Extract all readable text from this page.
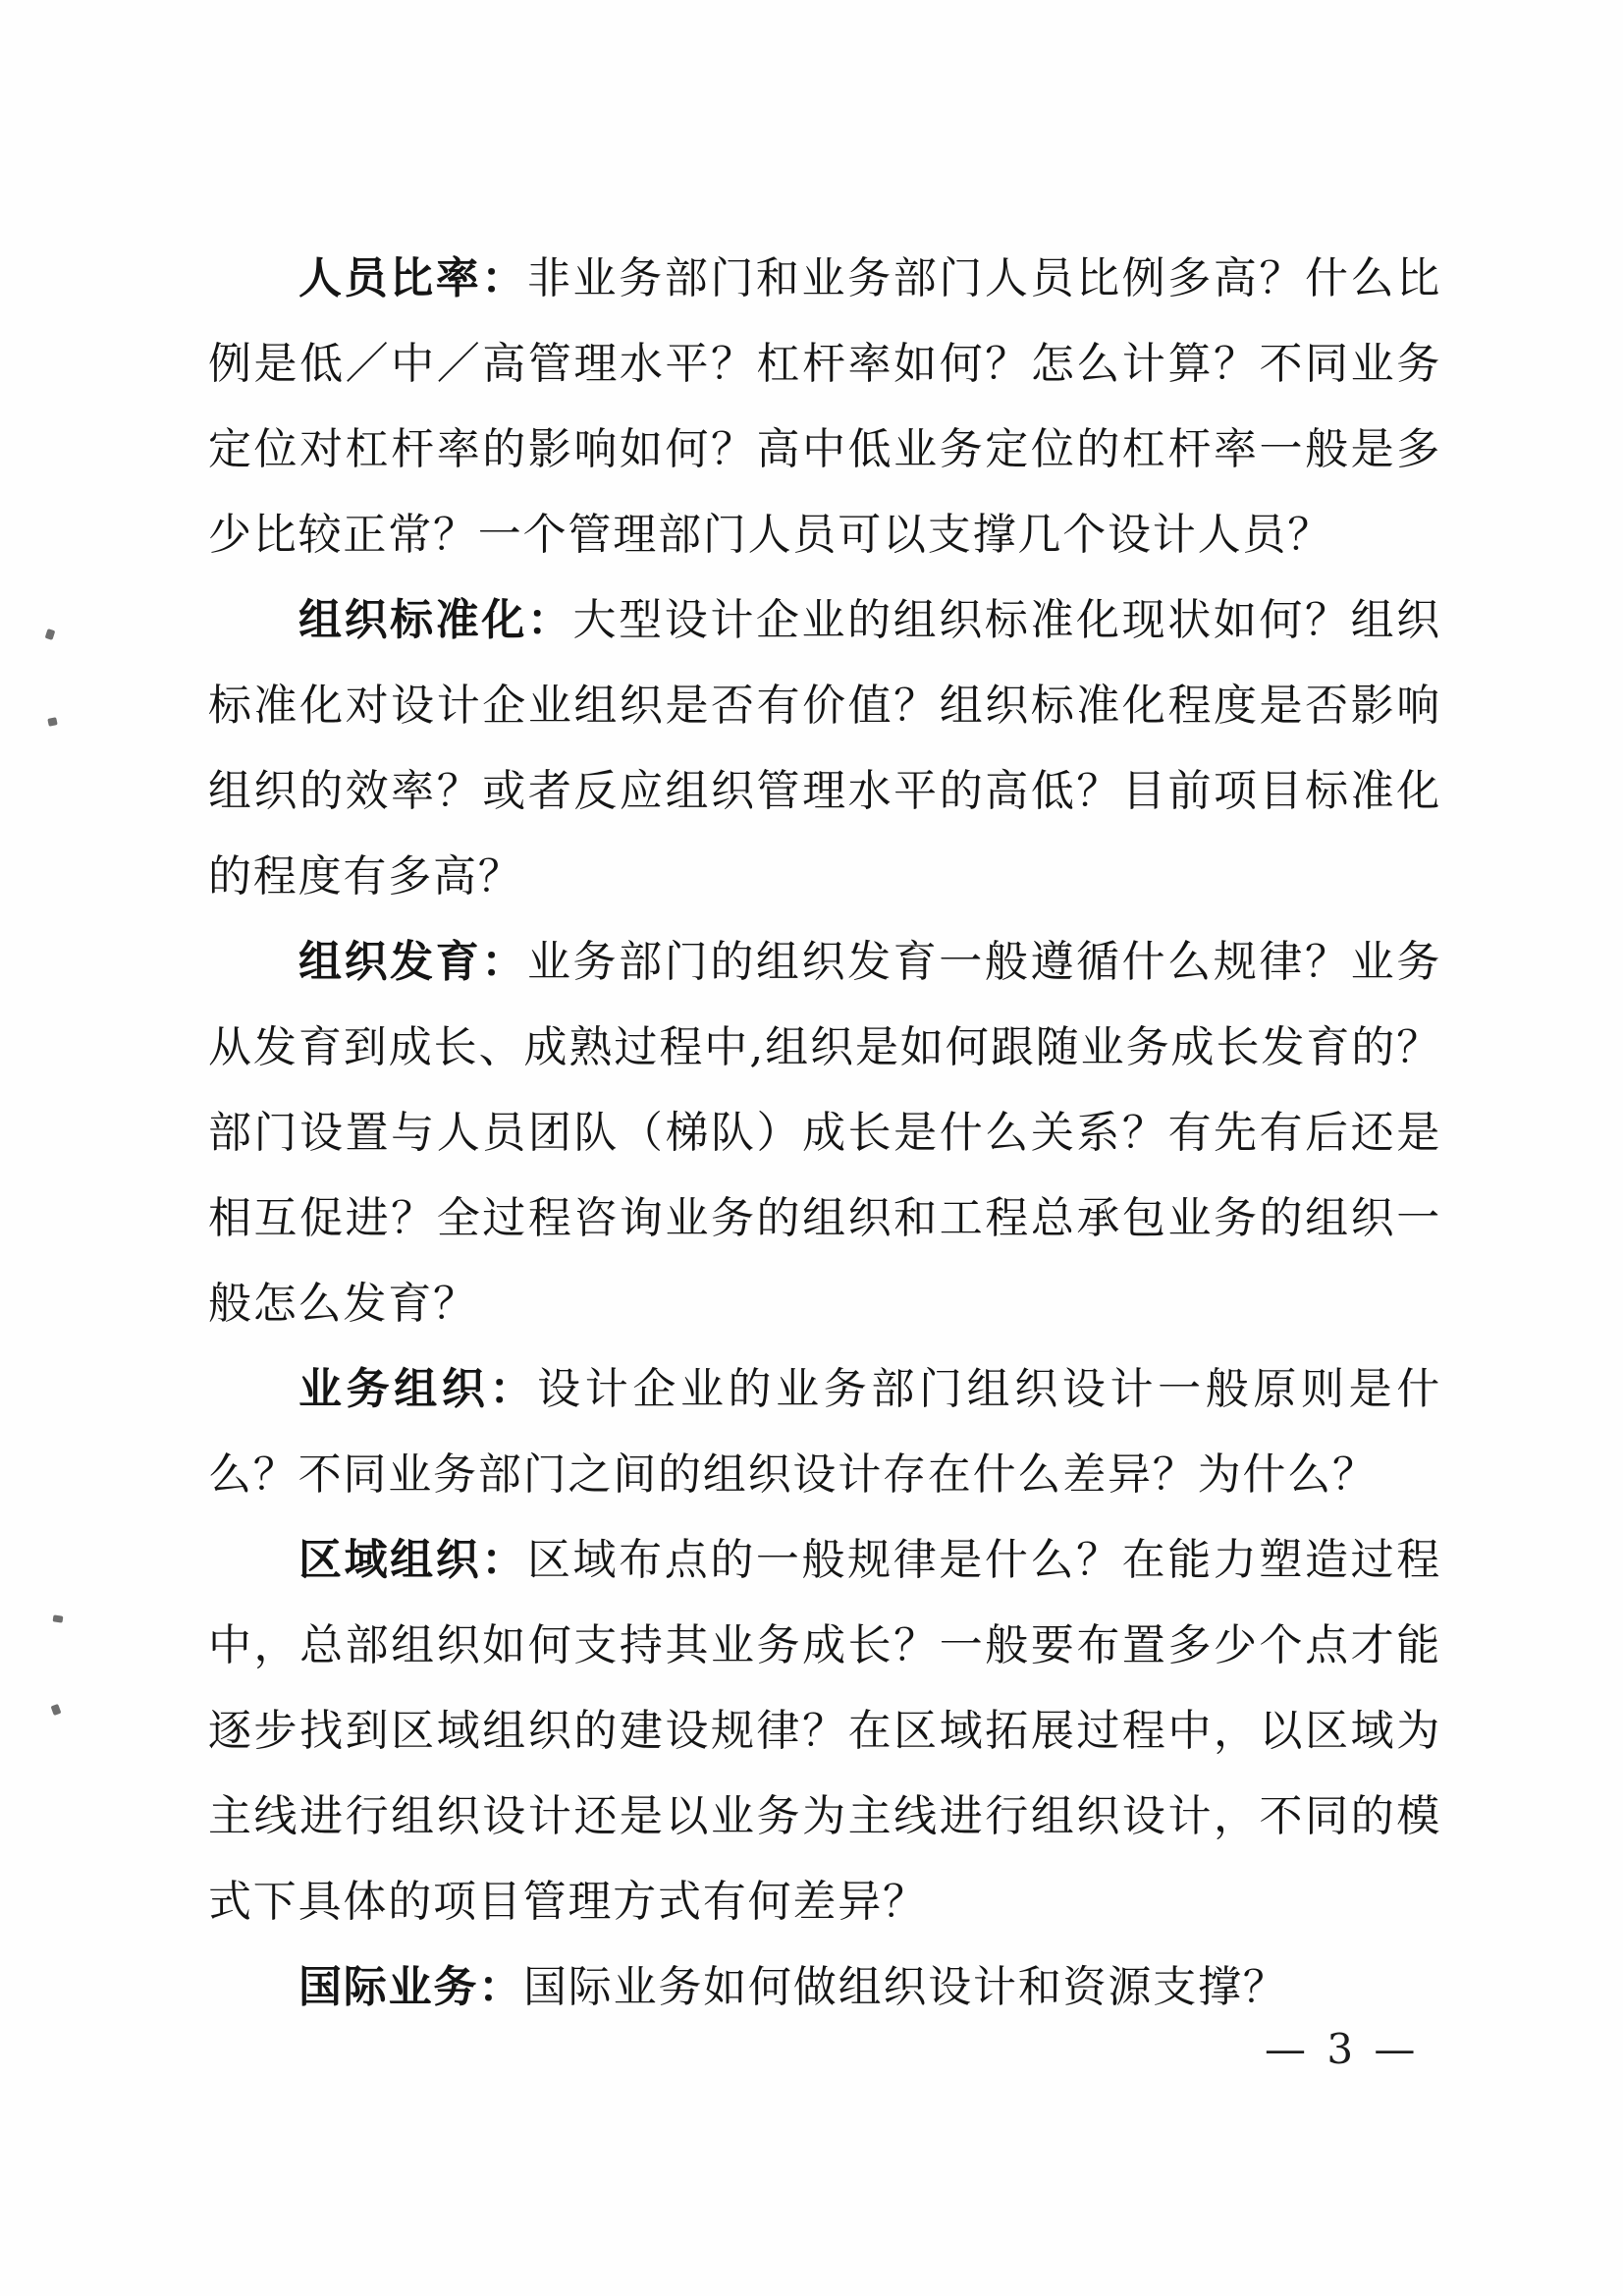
人员比率：非业务部门和业务部门人员比例多高？什么比例是低／中／高管理水平？杠杆率如何？怎么计算？不同业务定位对杠杆率的影响如何？高中低业务定位的杠杆率一般是多少比较正常？一个管理部门人员可以支撑几个设计人员？

组织标准化：大型设计企业的组织标准化现状如何？组织标准化对设计企业组织是否有价值？组织标准化程度是否影响组织的效率？或者反应组织管理水平的高低？目前项目标准化的程度有多高？

组织发育：业务部门的组织发育一般遵循什么规律？业务从发育到成长、成熟过程中,组织是如何跟随业务成长发育的？部门设置与人员团队（梯队）成长是什么关系？有先有后还是相互促进？全过程咨询业务的组织和工程总承包业务的组织一般怎么发育？

业务组织：设计企业的业务部门组织设计一般原则是什么？不同业务部门之间的组织设计存在什么差异？为什么？

区域组织：区域布点的一般规律是什么？在能力塑造过程中，总部组织如何支持其业务成长？一般要布置多少个点才能逐步找到区域组织的建设规律？在区域拓展过程中，以区域为主线进行组织设计还是以业务为主线进行组织设计，不同的模式下具体的项目管理方式有何差异？

国际业务：国际业务如何做组织设计和资源支撑？

— 3 —
